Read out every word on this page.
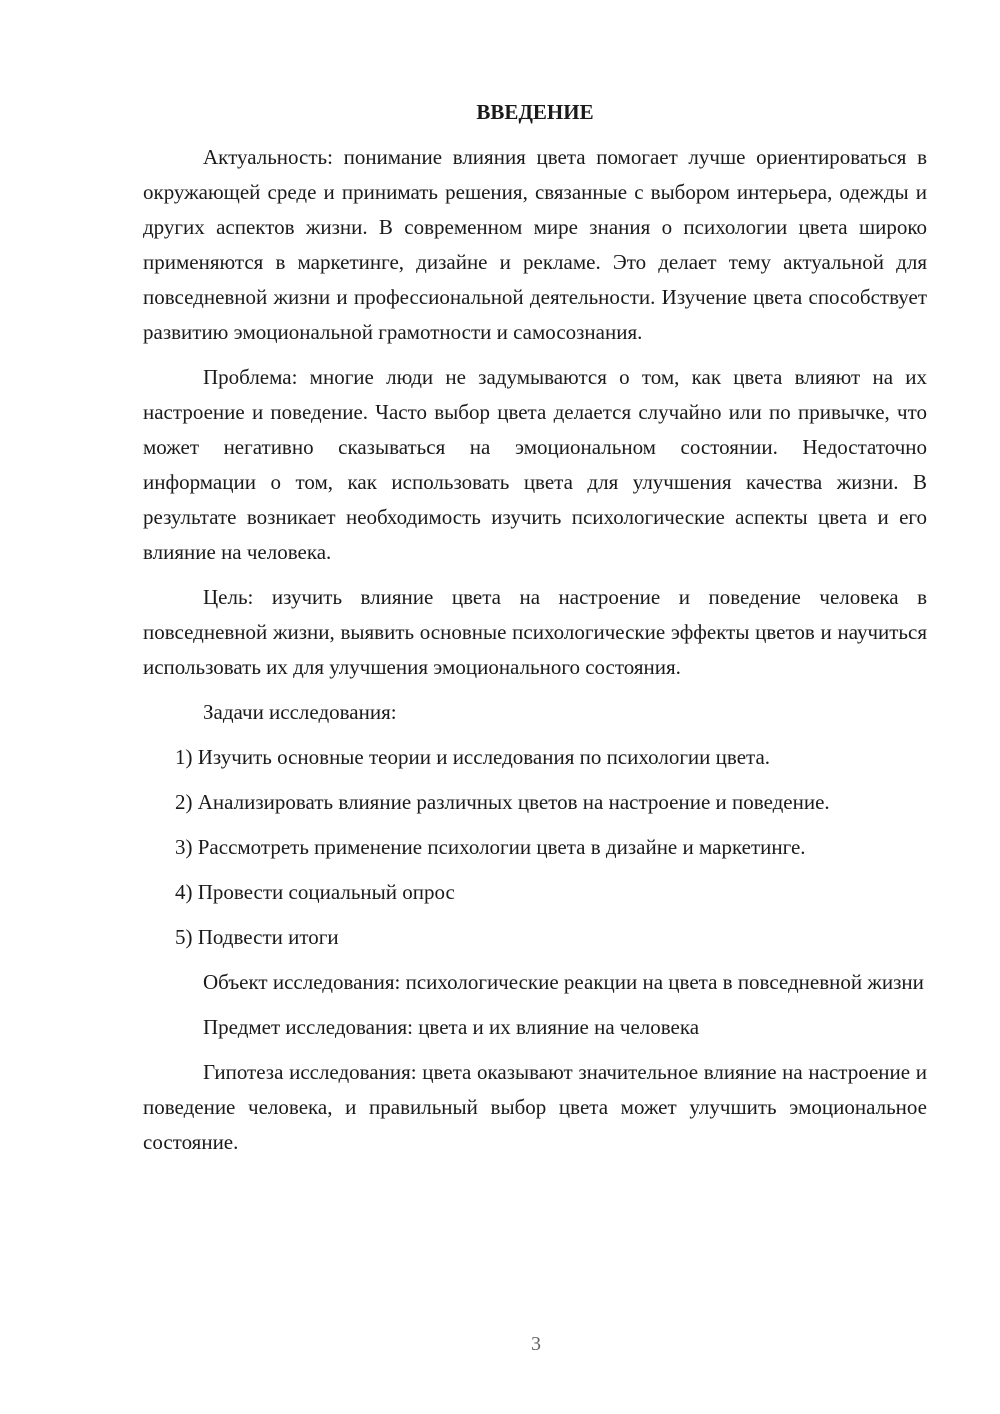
ВВЕДЕНИЕ

Актуальность: понимание влияния цвета помогает лучше ориентироваться в окружающей среде и принимать решения, связанные с выбором интерьера, одежды и других аспектов жизни. В современном мире знания о психологии цвета широко применяются в маркетинге, дизайне и рекламе. Это делает тему актуальной для повседневной жизни и профессиональной деятельности. Изучение цвета способствует развитию эмоциональной грамотности и самосознания.

Проблема: многие люди не задумываются о том, как цвета влияют на их настроение и поведение. Часто выбор цвета делается случайно или по привычке, что может негативно сказываться на эмоциональном состоянии. Недостаточно информации о том, как использовать цвета для улучшения качества жизни. В результате возникает необходимость изучить психологические аспекты цвета и его влияние на человека.

Цель: изучить влияние цвета на настроение и поведение человека в повседневной жизни, выявить основные психологические эффекты цветов и научиться использовать их для улучшения эмоционального состояния.

Задачи исследования:

1) Изучить основные теории и исследования по психологии цвета.

2) Анализировать влияние различных цветов на настроение и поведение.

3) Рассмотреть применение психологии цвета в дизайне и маркетинге.

4) Провести социальный опрос

5) Подвести итоги

Объект исследования: психологические реакции на цвета в повседневной жизни

Предмет исследования: цвета и их влияние на человека

Гипотеза исследования: цвета оказывают значительное влияние на настроение и поведение человека, и правильный выбор цвета может улучшить эмоциональное состояние.

3
